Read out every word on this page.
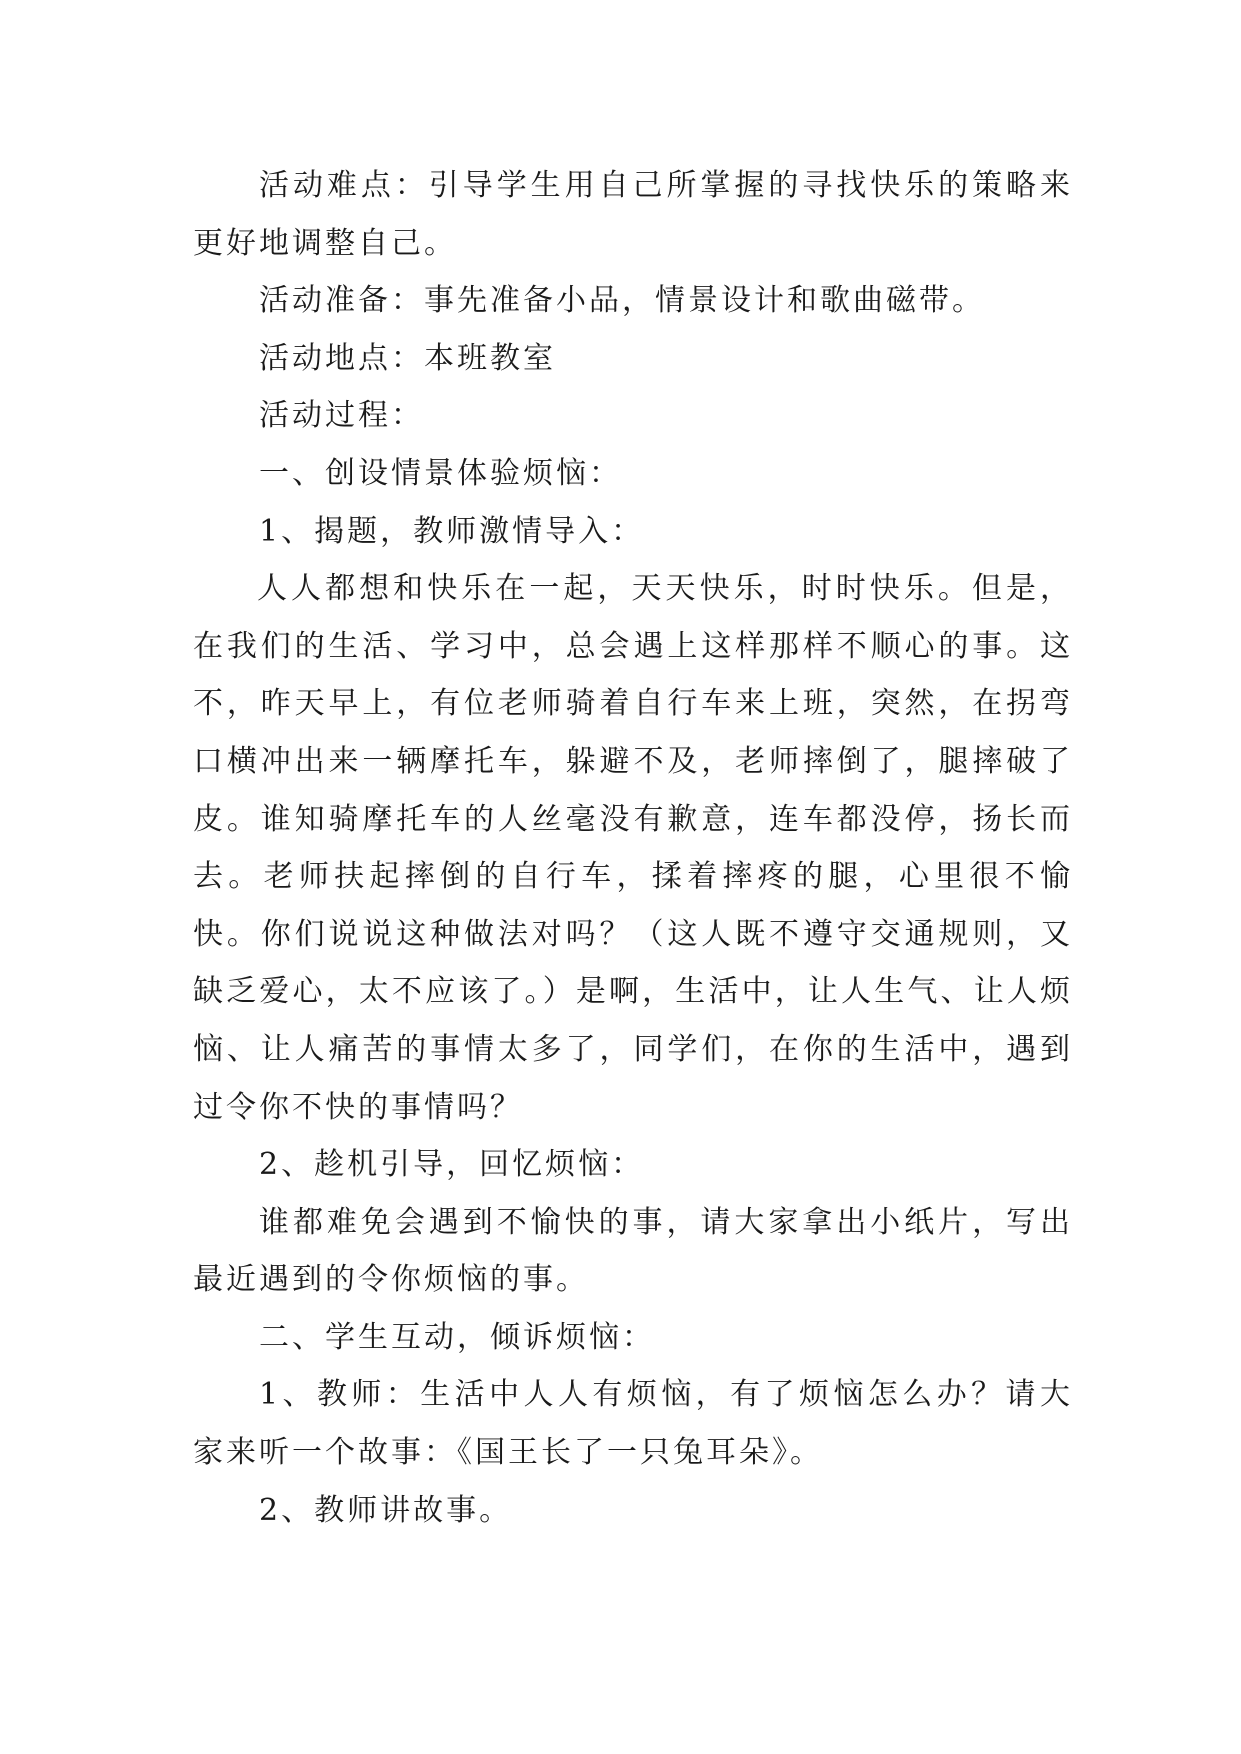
活动难点：引导学生用自己所掌握的寻找快乐的策略来更好地调整自己。

活动准备：事先准备小品，情景设计和歌曲磁带。

活动地点：本班教室

活动过程：

一、创设情景体验烦恼：

1、揭题，教师激情导入：

人人都想和快乐在一起，天天快乐，时时快乐。但是，在我们的生活、学习中，总会遇上这样那样不顺心的事。这不，昨天早上，有位老师骑着自行车来上班，突然，在拐弯口横冲出来一辆摩托车，躲避不及，老师摔倒了，腿摔破了皮。谁知骑摩托车的人丝毫没有歉意，连车都没停，扬长而去。老师扶起摔倒的自行车，揉着摔疼的腿，心里很不愉快。你们说说这种做法对吗？（这人既不遵守交通规则，又缺乏爱心，太不应该了。）是啊，生活中，让人生气、让人烦恼、让人痛苦的事情太多了，同学们，在你的生活中，遇到过令你不快的事情吗？

2、趁机引导，回忆烦恼：

谁都难免会遇到不愉快的事，请大家拿出小纸片，写出最近遇到的令你烦恼的事。

二、学生互动，倾诉烦恼：

1、教师：生活中人人有烦恼，有了烦恼怎么办？请大家来听一个故事：《国王长了一只兔耳朵》。

2、教师讲故事。
